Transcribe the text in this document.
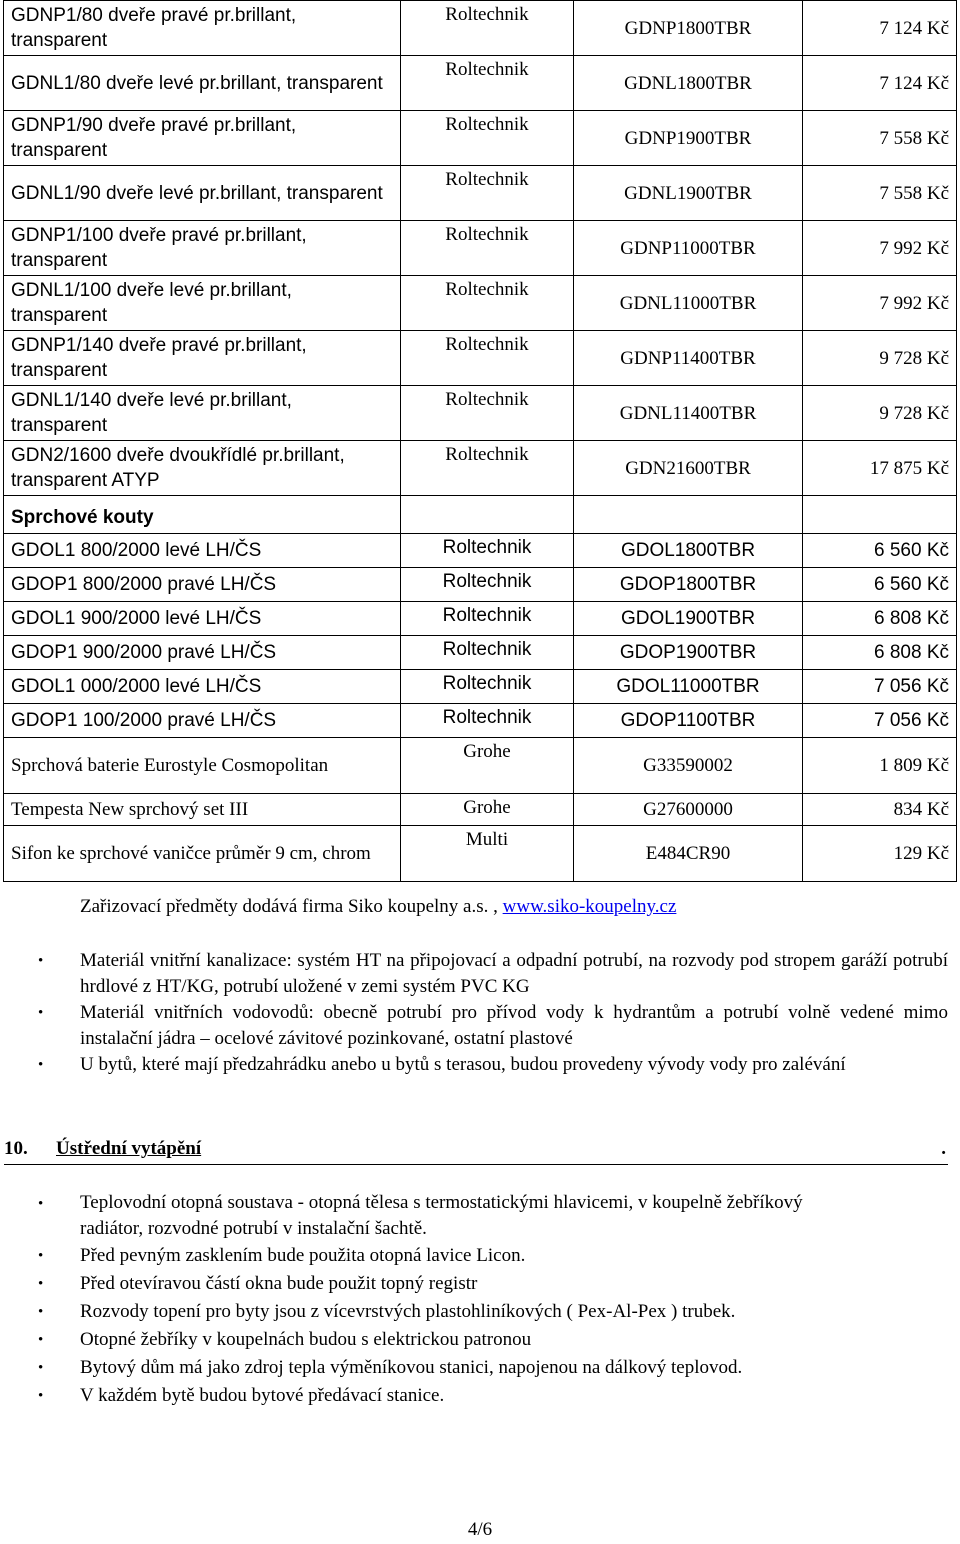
GDNP1/80 dveře pravé pr.brillant, transparent	Roltechnik	GDNP1800TBR	7 124 Kč
GDNL1/80 dveře levé pr.brillant, transparent	Roltechnik	GDNL1800TBR	7 124 Kč
GDNP1/90 dveře pravé pr.brillant, transparent	Roltechnik	GDNP1900TBR	7 558 Kč
GDNL1/90 dveře levé pr.brillant, transparent	Roltechnik	GDNL1900TBR	7 558 Kč
GDNP1/100 dveře pravé pr.brillant, transparent	Roltechnik	GDNP11000TBR	7 992 Kč
GDNL1/100 dveře levé pr.brillant, transparent	Roltechnik	GDNL11000TBR	7 992 Kč
GDNP1/140 dveře pravé pr.brillant, transparent	Roltechnik	GDNP11400TBR	9 728 Kč
GDNL1/140 dveře levé pr.brillant, transparent	Roltechnik	GDNL11400TBR	9 728 Kč
GDN2/1600 dveře dvoukřídlé pr.brillant, transparent ATYP	Roltechnik	GDN21600TBR	17 875 Kč
Sprchové kouty			
GDOL1 800/2000 levé LH/ČS	Roltechnik	GDOL1800TBR	6 560 Kč
GDOP1 800/2000 pravé LH/ČS	Roltechnik	GDOP1800TBR	6 560 Kč
GDOL1 900/2000 levé LH/ČS	Roltechnik	GDOL1900TBR	6 808 Kč
GDOP1 900/2000 pravé LH/ČS	Roltechnik	GDOP1900TBR	6 808 Kč
GDOL1 000/2000 levé LH/ČS	Roltechnik	GDOL11000TBR	7 056 Kč
GDOP1 100/2000 pravé LH/ČS	Roltechnik	GDOP1100TBR	7 056 Kč
Sprchová baterie Eurostyle Cosmopolitan	Grohe	G33590002	1 809 Kč
Tempesta New sprchový set III	Grohe	G27600000	834 Kč
Sifon ke sprchové vaničce průměr 9 cm, chrom	Multi	E484CR90	129 Kč
Zařizovací předměty dodává firma Siko koupelny a.s. , www.siko-koupelny.cz
• Materiál vnitřní kanalizace: systém HT na připojovací a odpadní potrubí, na rozvody pod stropem garáží potrubí hrdlové z HT/KG, potrubí uložené v zemi systém PVC KG
• Materiál vnitřních vodovodů: obecně potrubí pro přívod vody k hydrantům a potrubí volně vedené mimo instalační jádra – ocelové závitové pozinkované, ostatní plastové
• U bytů, které mají předzahrádku anebo u bytů s terasou, budou provedeny vývody vody pro zalévání
10. Ústřední vytápění	.
• Teplovodní otopná soustava - otopná tělesa s termostatickými hlavicemi, v koupelně žebříkový radiátor, rozvodné potrubí v instalační šachtě.
• Před pevným zasklením bude použita otopná lavice Licon.
• Před otevíravou částí okna bude použit topný registr
• Rozvody topení pro byty jsou z vícevrstvých plastohliníkových ( Pex-Al-Pex ) trubek.
• Otopné žebříky v koupelnách budou s elektrickou patronou
• Bytový dům má jako zdroj tepla výměníkovou stanici, napojenou na dálkový teplovod.
• V každém bytě budou bytové předávací stanice.
4/6
